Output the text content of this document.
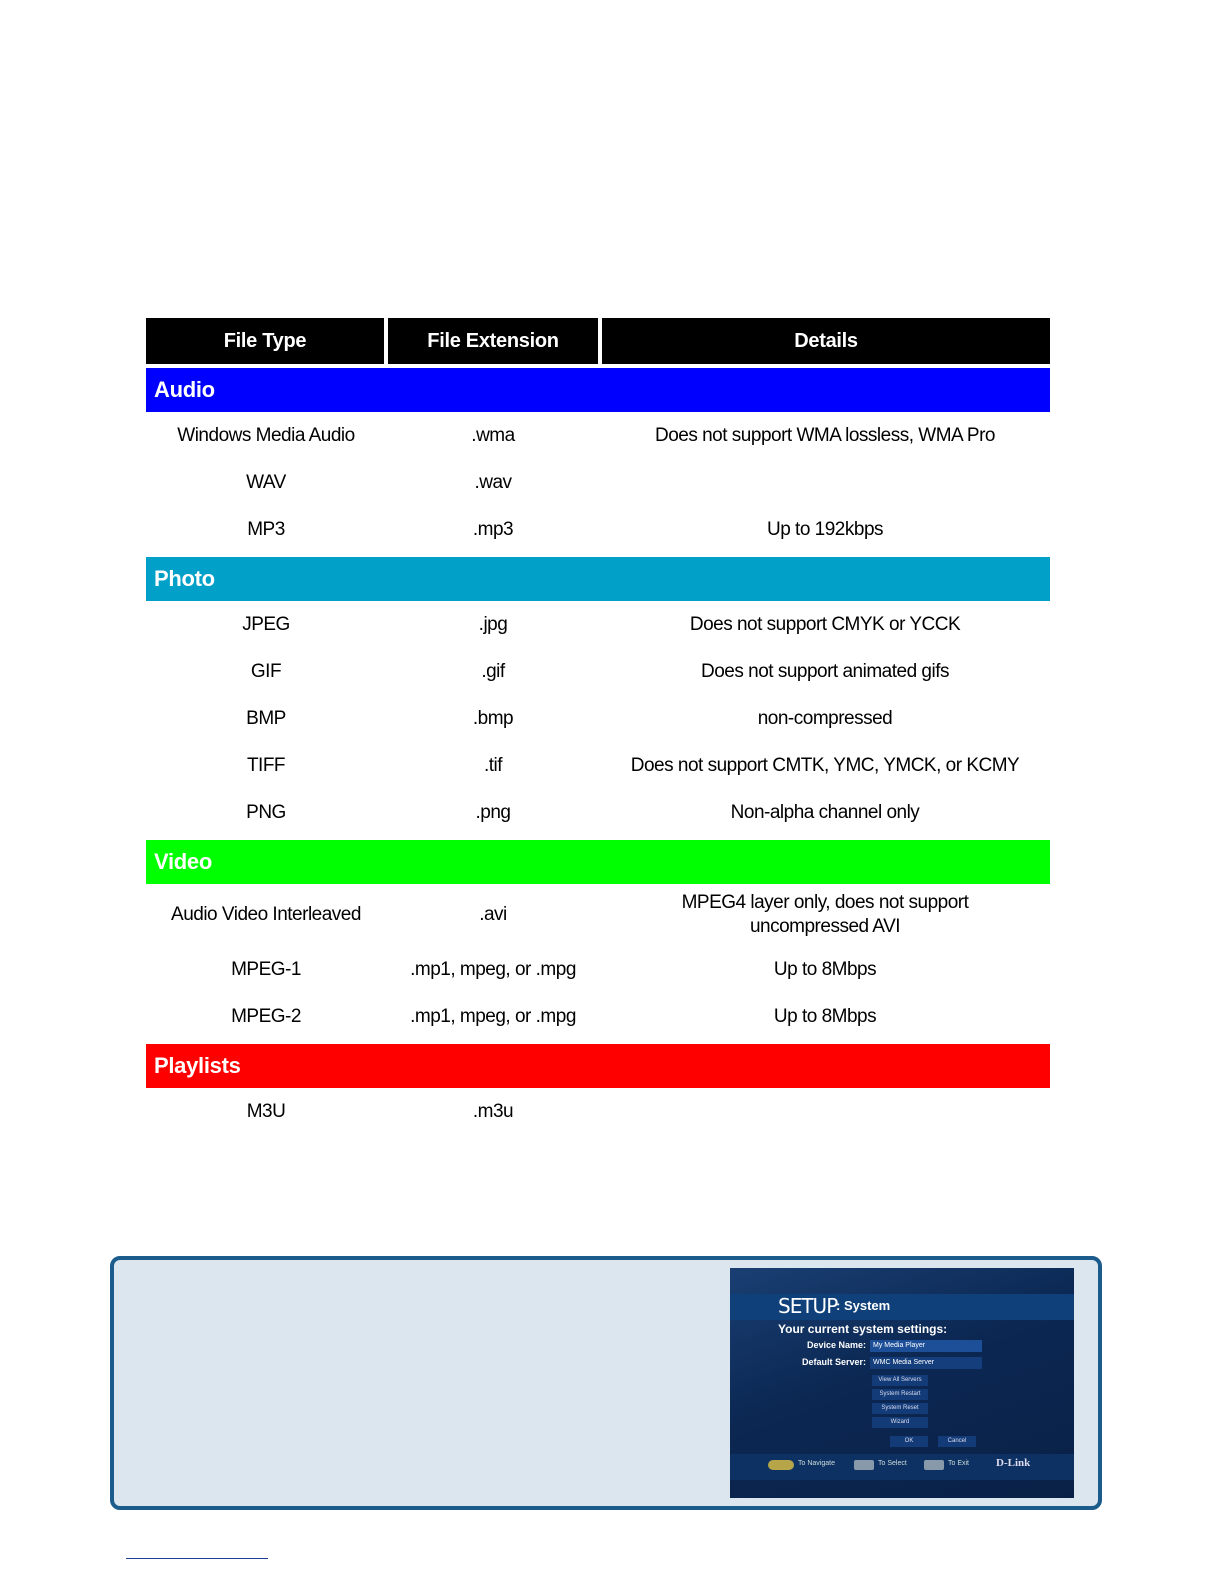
File Type	File Extension	Details

Audio		
Windows Media Audio	.wma	Does not support WMA lossless, WMA Pro
WAV	.wav	
MP3	.mp3	Up to 192kbps

Photo		
JPEG	.jpg	Does not support CMYK or YCCK
GIF	.gif	Does not support animated gifs
BMP	.bmp	non-compressed
TIFF	.tif	Does not support CMTK, YMC, YMCK, or KCMY
PNG	.png	Non-alpha channel only

Video		
Audio Video Interleaved	.avi	MPEG4 layer only, does not support uncompressed AVI
MPEG-1	.mp1, mpeg, or .mpg	Up to 8Mbps
MPEG-2	.mp1, mpeg, or .mpg	Up to 8Mbps

Playlists		
M3U	.m3u	
SETUP
: System
Your current system settings:
Device Name:	My Media Player
Default Server:	WMC Media Server
View All Servers
System Restart
System Reset
Wizard
OK	Cancel
To Navigate	To Select	To Exit D-Link
